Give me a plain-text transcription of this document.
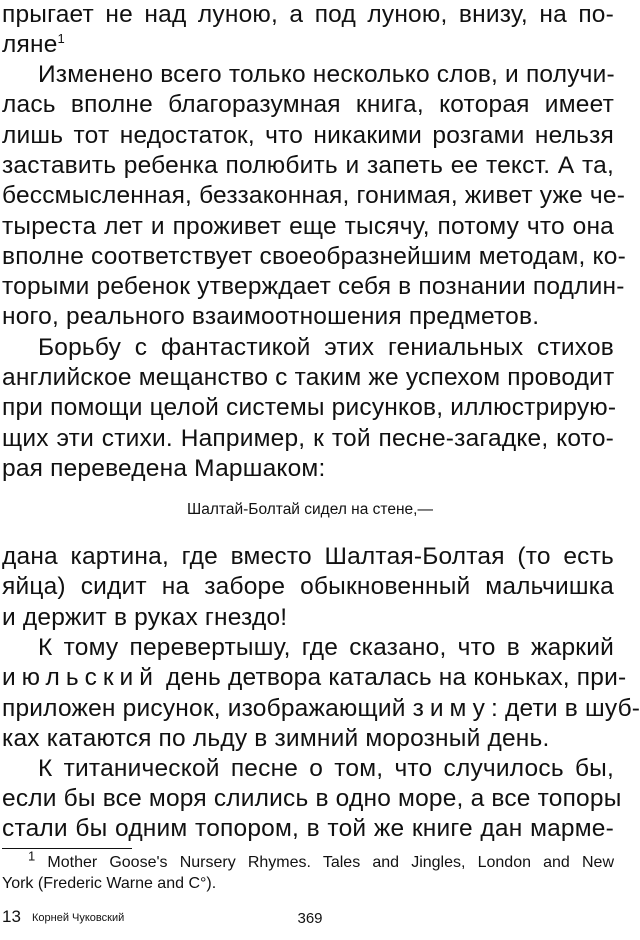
прыгает не над луною, а под луною, внизу, на по-
ляне$^1$
Изменено всего только несколько слов, и получи-
лась вполне благоразумная книга, которая имеет
лишь тот недостаток, что никакими розгами нельзя
заставить ребенка полюбить и запеть ее текст. А та,
бессмысленная, беззаконная, гонимая, живет уже че-
тыреста лет и проживет еще тысячу, потому что она
вполне соответствует своеобразнейшим методам, ко-
торыми ребенок утверждает себя в познании подлин-
ного, реального взаимоотношения предметов.
Борьбу с фантастикой этих гениальных стихов
английское мещанство с таким же успехом проводит
при помощи целой системы рисунков, иллюстрирую-
щих эти стихи. Например, к той песне-загадке, кото-
рая переведена Маршаком:
Шалтай-Болтай сидел на стене,—
дана картина, где вместо Шалтая-Болтая (то есть
яйца) сидит на заборе обыкновенный мальчишка
и держит в руках гнездо!
К тому перевертышу, где сказано, что в жаркий
июльский день детвора каталась на коньках, при-
приложен рисунок, изображающий зиму: дети в шуб-
ках катаются по льду в зимний морозный день.
К титанической песне о том, что случилось бы,
если бы все моря слились в одно море, а все топоры
стали бы одним топором, в той же книге дан марме-
$^1$ Mother Goose's Nursery Rhymes. Tales and Jingles, London and New
York (Frederic Warne and C°).
13 Корней Чуковский	369
